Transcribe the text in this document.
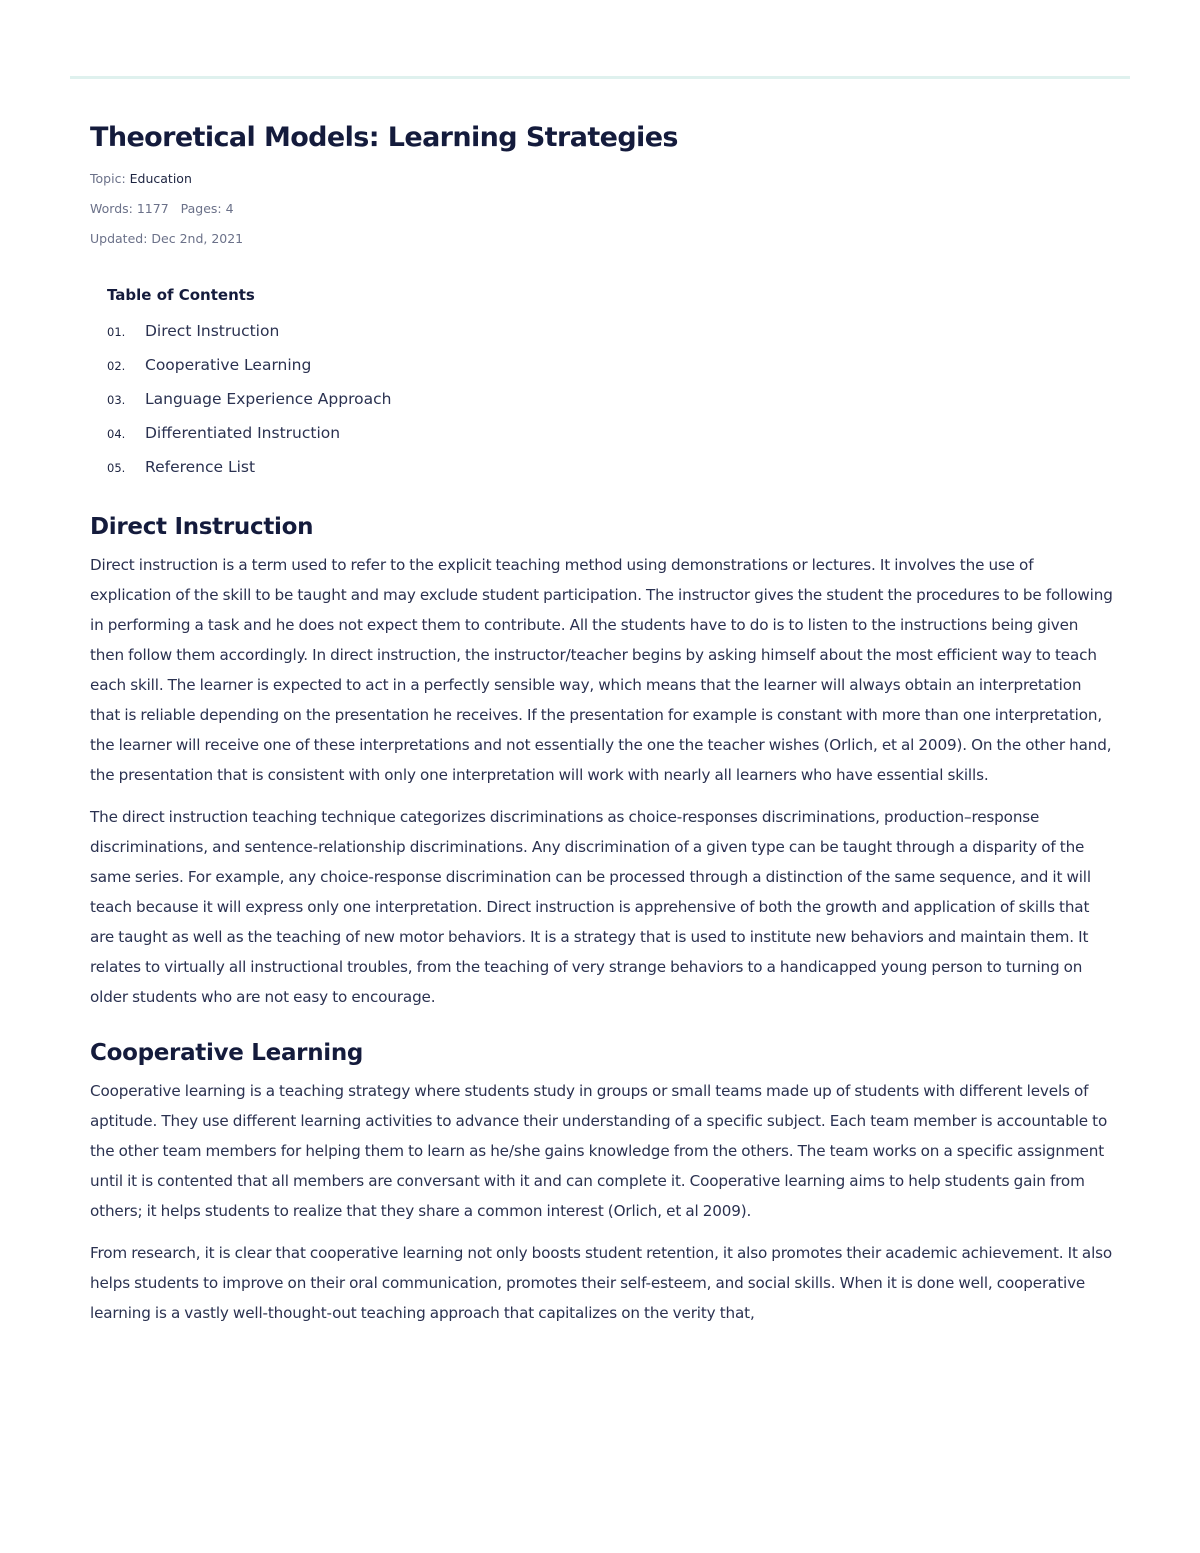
Theoretical Models: Learning Strategies
Topic: Education
Words: 1177 Pages: 4
Updated: Dec 2nd, 2021
Table of Contents
01.	Direct Instruction
02.	Cooperative Learning
03.	Language Experience Approach
04.	Differentiated Instruction
05.	Reference List
Direct Instruction

Direct instruction is a term used to refer to the explicit teaching method using demonstrations or lectures. It involves the use of explication of the skill to be taught and may exclude student participation. The instructor gives the student the procedures to be following in performing a task and he does not expect them to contribute. All the students have to do is to listen to the instructions being given then follow them accordingly. In direct instruction, the instructor/teacher begins by asking himself about the most efficient way to teach each skill. The learner is expected to act in a perfectly sensible way, which means that the learner will always obtain an interpretation that is reliable depending on the presentation he receives. If the presentation for example is constant with more than one interpretation, the learner will receive one of these interpretations and not essentially the one the teacher wishes (Orlich, et al 2009). On the other hand, the presentation that is consistent with only one interpretation will work with nearly all learners who have essential skills.

The direct instruction teaching technique categorizes discriminations as choice-responses discriminations, production–response discriminations, and sentence-relationship discriminations. Any discrimination of a given type can be taught through a disparity of the same series. For example, any choice-response discrimination can be processed through a distinction of the same sequence, and it will teach because it will express only one interpretation. Direct instruction is apprehensive of both the growth and application of skills that are taught as well as the teaching of new motor behaviors. It is a strategy that is used to institute new behaviors and maintain them. It relates to virtually all instructional troubles, from the teaching of very strange behaviors to a handicapped young person to turning on older students who are not easy to encourage.

Cooperative Learning

Cooperative learning is a teaching strategy where students study in groups or small teams made up of students with different levels of aptitude. They use different learning activities to advance their understanding of a specific subject. Each team member is accountable to the other team members for helping them to learn as he/she gains knowledge from the others. The team works on a specific assignment until it is contented that all members are conversant with it and can complete it. Cooperative learning aims to help students gain from others; it helps students to realize that they share a common interest (Orlich, et al 2009).

From research, it is clear that cooperative learning not only boosts student retention, it also promotes their academic achievement. It also helps students to improve on their oral communication, promotes their self-esteem, and social skills. When it is done well, cooperative learning is a vastly well-thought-out teaching approach that capitalizes on the verity that,
